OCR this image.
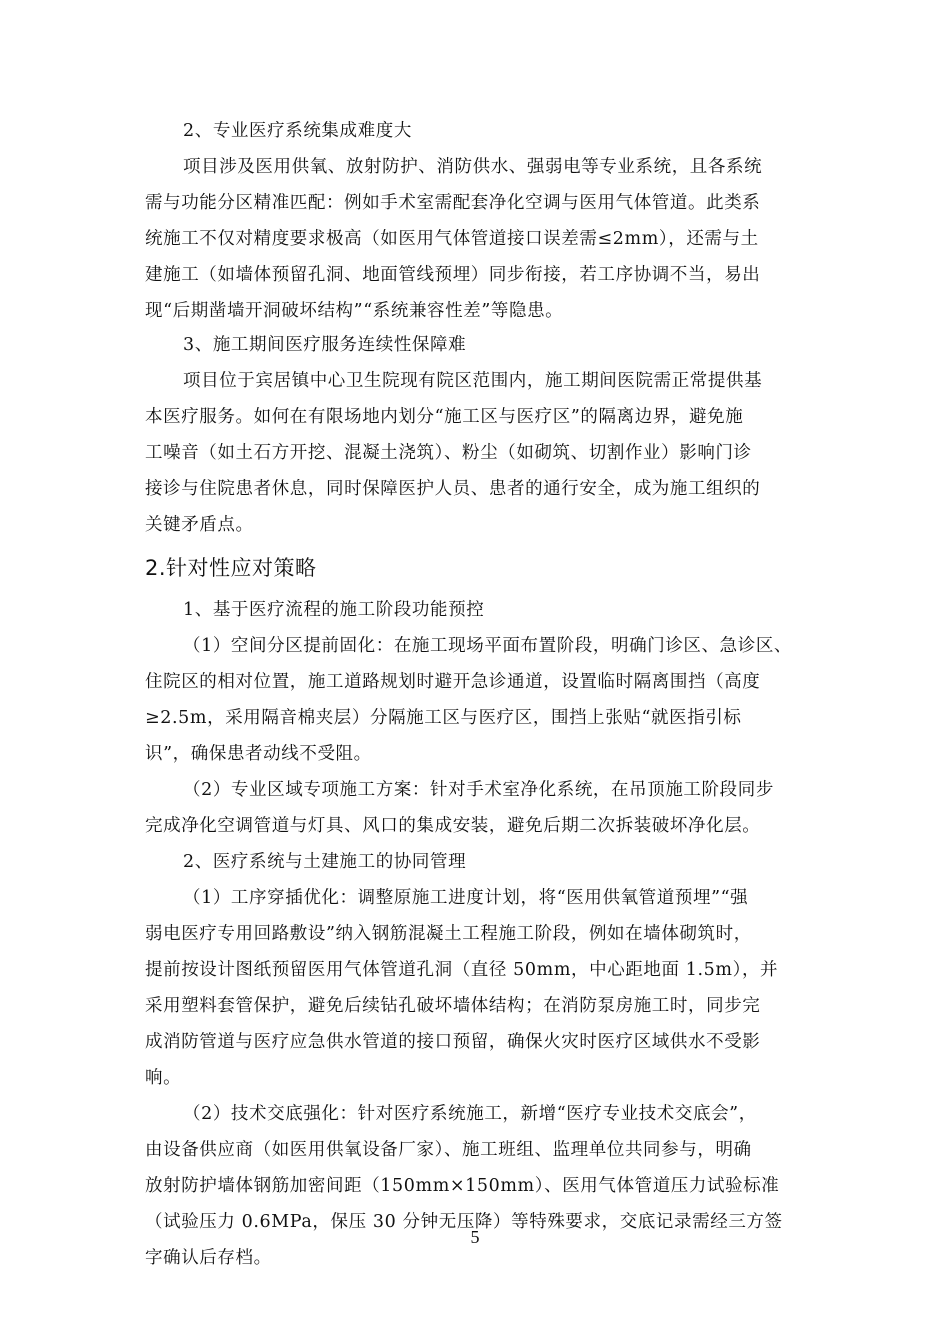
2、专业医疗系统集成难度大
项目涉及医用供氧、放射防护、消防供水、强弱电等专业系统，且各系统
需与功能分区精准匹配：例如手术室需配套净化空调与医用气体管道。此类系
统施工不仅对精度要求极高（如医用气体管道接口误差需≤2mm），还需与土
建施工（如墙体预留孔洞、地面管线预埋）同步衔接，若工序协调不当，易出
现“后期凿墙开洞破坏结构”“系统兼容性差”等隐患。
3、施工期间医疗服务连续性保障难
项目位于宾居镇中心卫生院现有院区范围内，施工期间医院需正常提供基
本医疗服务。如何在有限场地内划分“施工区与医疗区”的隔离边界，避免施
工噪音（如土石方开挖、混凝土浇筑）、粉尘（如砌筑、切割作业）影响门诊
接诊与住院患者休息，同时保障医护人员、患者的通行安全，成为施工组织的
关键矛盾点。
2.针对性应对策略
1、基于医疗流程的施工阶段功能预控
（1）空间分区提前固化：在施工现场平面布置阶段，明确门诊区、急诊区、
住院区的相对位置，施工道路规划时避开急诊通道，设置临时隔离围挡（高度
≥2.5m，采用隔音棉夹层）分隔施工区与医疗区，围挡上张贴“就医指引标
识”，确保患者动线不受阻。
（2）专业区域专项施工方案：针对手术室净化系统，在吊顶施工阶段同步
完成净化空调管道与灯具、风口的集成安装，避免后期二次拆装破坏净化层。
2、医疗系统与土建施工的协同管理
（1）工序穿插优化：调整原施工进度计划，将“医用供氧管道预埋”“强
弱电医疗专用回路敷设”纳入钢筋混凝土工程施工阶段，例如在墙体砌筑时，
提前按设计图纸预留医用气体管道孔洞（直径 50mm，中心距地面 1.5m），并
采用塑料套管保护，避免后续钻孔破坏墙体结构；在消防泵房施工时，同步完
成消防管道与医疗应急供水管道的接口预留，确保火灾时医疗区域供水不受影
响。
（2）技术交底强化：针对医疗系统施工，新增“医疗专业技术交底会”，
由设备供应商（如医用供氧设备厂家）、施工班组、监理单位共同参与，明确
放射防护墙体钢筋加密间距（150mm×150mm）、医用气体管道压力试验标准
（试验压力 0.6MPa，保压 30 分钟无压降）等特殊要求，交底记录需经三方签
字确认后存档。
5
